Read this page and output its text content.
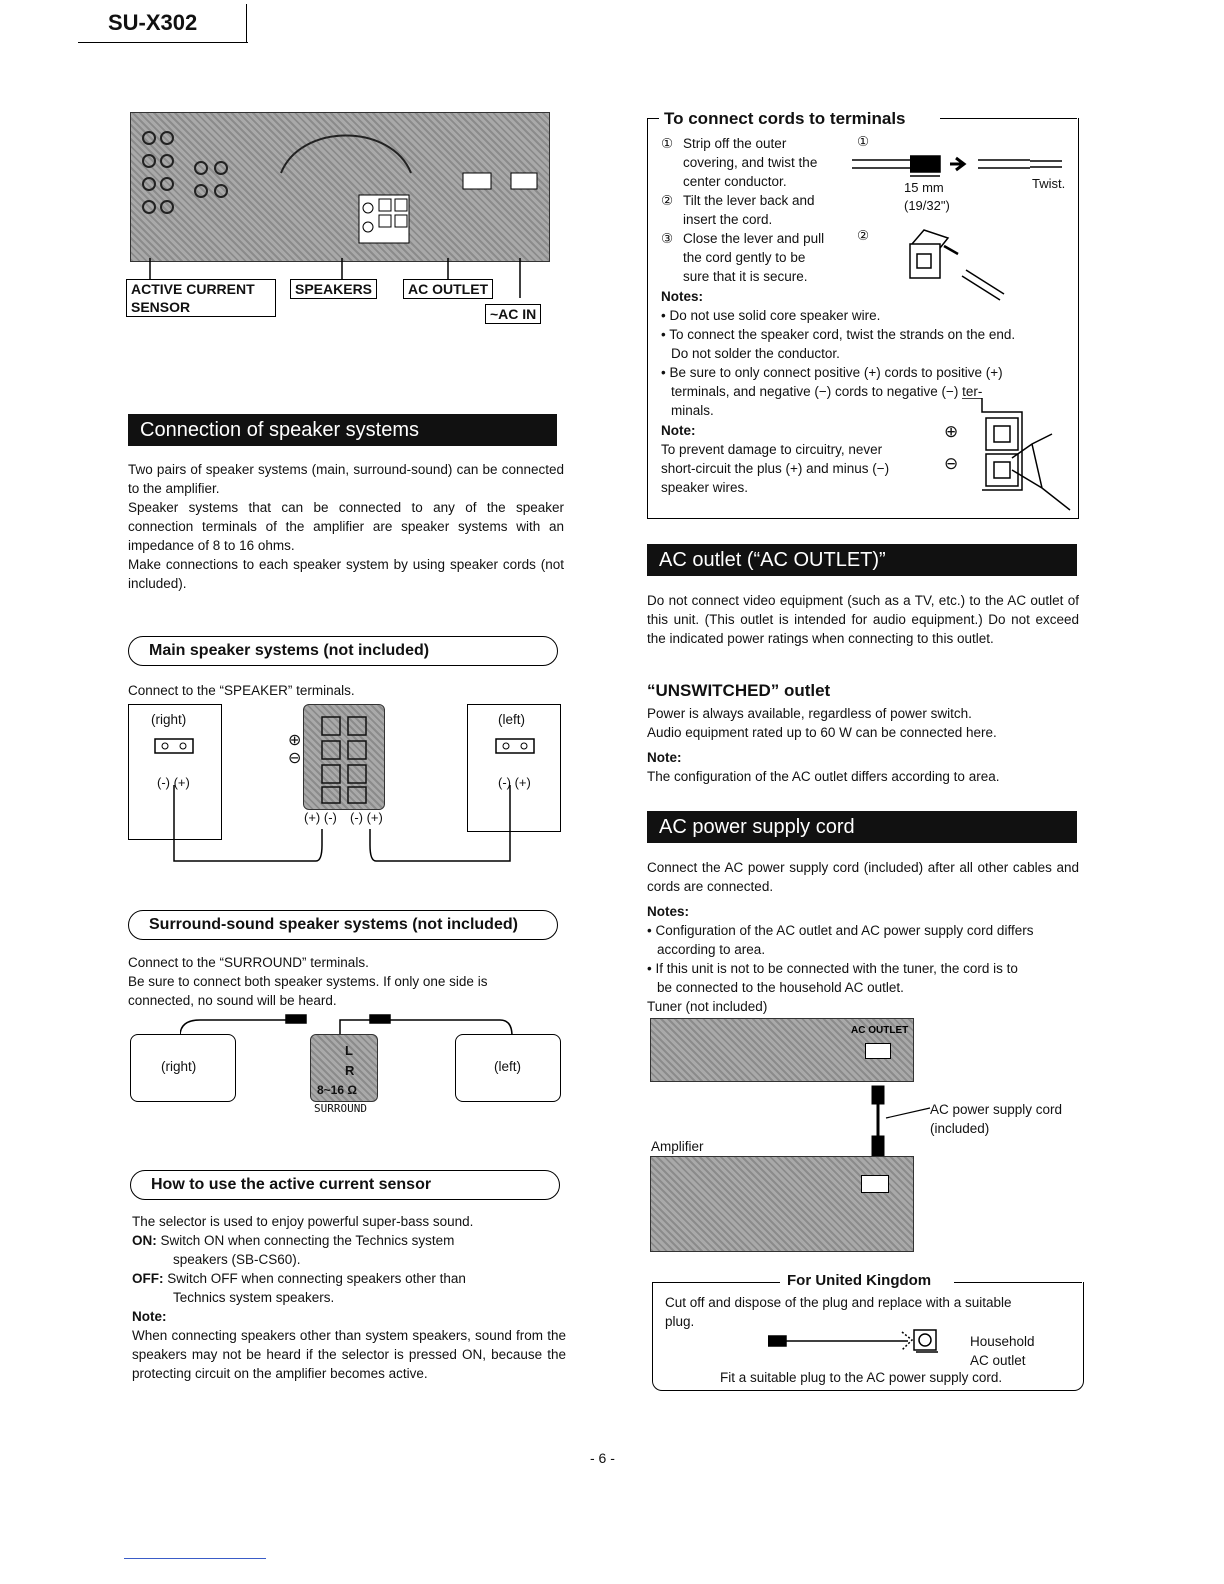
SU-X302
ACTIVE CURRENT
SENSOR
SPEAKERS	AC OUTLET
~AC IN
Connection of speaker systems

Two pairs of speaker systems (main, surround-sound) can be connected to the amplifier.

Speaker systems that can be connected to any of the speaker connection terminals of the amplifier are speaker systems with an impedance of 8 to 16 ohms.

Make connections to each speaker system by using speaker cords (not included).

Main speaker systems (not included)
Connect to the “SPEAKER” terminals.
(right)
(-) (+)
(left)
(-) (+)
⊕
⊖
(+) (-) (-) (+)
Surround-sound speaker systems (not included)

Connect to the “SURROUND” terminals.

Be sure to connect both speaker systems. If only one side is connected, no sound will be heard.

(right)	(left)
L
R
8~16 Ω
SURROUND
How to use the active current sensor

The selector is used to enjoy powerful super-bass sound.

ON: Switch ON when connecting the Technics system

speakers (SB-CS60).

OFF: Switch OFF when connecting speakers other than

Technics system speakers.

Note:

When connecting speakers other than system speakers, sound from the speakers may not be heard if the selector is pressed ON, because the protecting circuit on the amplifier becomes active.

To connect cords to terminals

① Strip off the outer

covering, and twist the

center conductor.

② Tilt the lever back and

insert the cord.

③ Close the lever and pull

the cord gently to be

sure that it is secure.

①
②
15 mm
(19/32")
Twist.

Notes:

• Do not use solid core speaker wire.

• To connect the speaker cord, twist the strands on the end.

Do not solder the conductor.

• Be sure to only connect positive (+) cords to positive (+)

terminals, and negative (−) cords to negative (−) ter-

minals.

Note:

To prevent damage to circuitry, never

short-circuit the plus (+) and minus (−)

speaker wires.

⊕
⊖
AC outlet (“AC OUTLET)”
Do not connect video equipment (such as a TV, etc.) to the AC outlet of this unit. (This outlet is intended for audio equipment.) Do not exceed the indicated power ratings when connecting to this outlet.
“UNSWITCHED” outlet

Power is always available, regardless of power switch.

Audio equipment rated up to 60 W can be connected here.

Note:

The configuration of the AC outlet differs according to area.

AC power supply cord
Connect the AC power supply cord (included) after all other cables and cords are connected.

Notes:

• Configuration of the AC outlet and AC power supply cord differs

according to area.

• If this unit is not to be connected with the tuner, the cord is to

be connected to the household AC outlet.

Tuner (not included)

AC OUTLET

AC power supply cord

(included)

Amplifier
For United Kingdom

Cut off and dispose of the plug and replace with a suitable

plug.

Household

AC outlet

Fit a suitable plug to the AC power supply cord.
- 6 -
